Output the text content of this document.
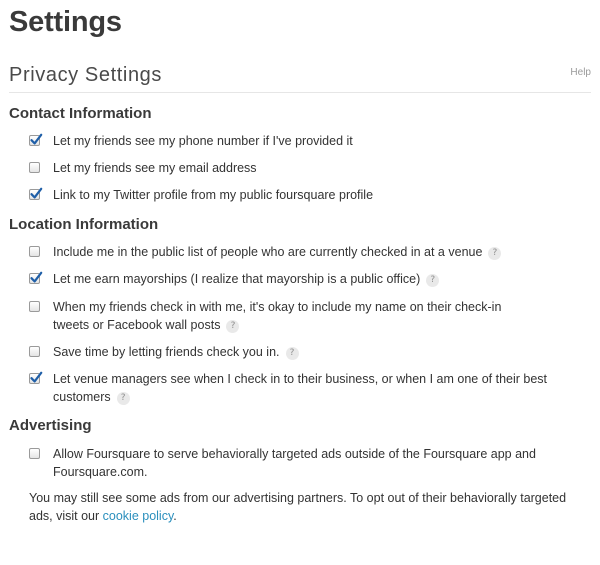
Settings
Privacy Settings	Help
Contact Information
Let my friends see my phone number if I've provided it
Let my friends see my email address
Link to my Twitter profile from my public foursquare profile
Location Information
Include me in the public list of people who are currently checked in at a venue ?
Let me earn mayorships (I realize that mayorship is a public office) ?
When my friends check in with me, it's okay to include my name on their check-in tweets or Facebook wall posts ?
Save time by letting friends check you in. ?
Let venue managers see when I check in to their business, or when I am one of their best customers ?
Advertising
Allow Foursquare to serve behaviorally targeted ads outside of the Foursquare app and Foursquare.com.
You may still see some ads from our advertising partners. To opt out of their behaviorally targeted ads, visit our cookie policy.
